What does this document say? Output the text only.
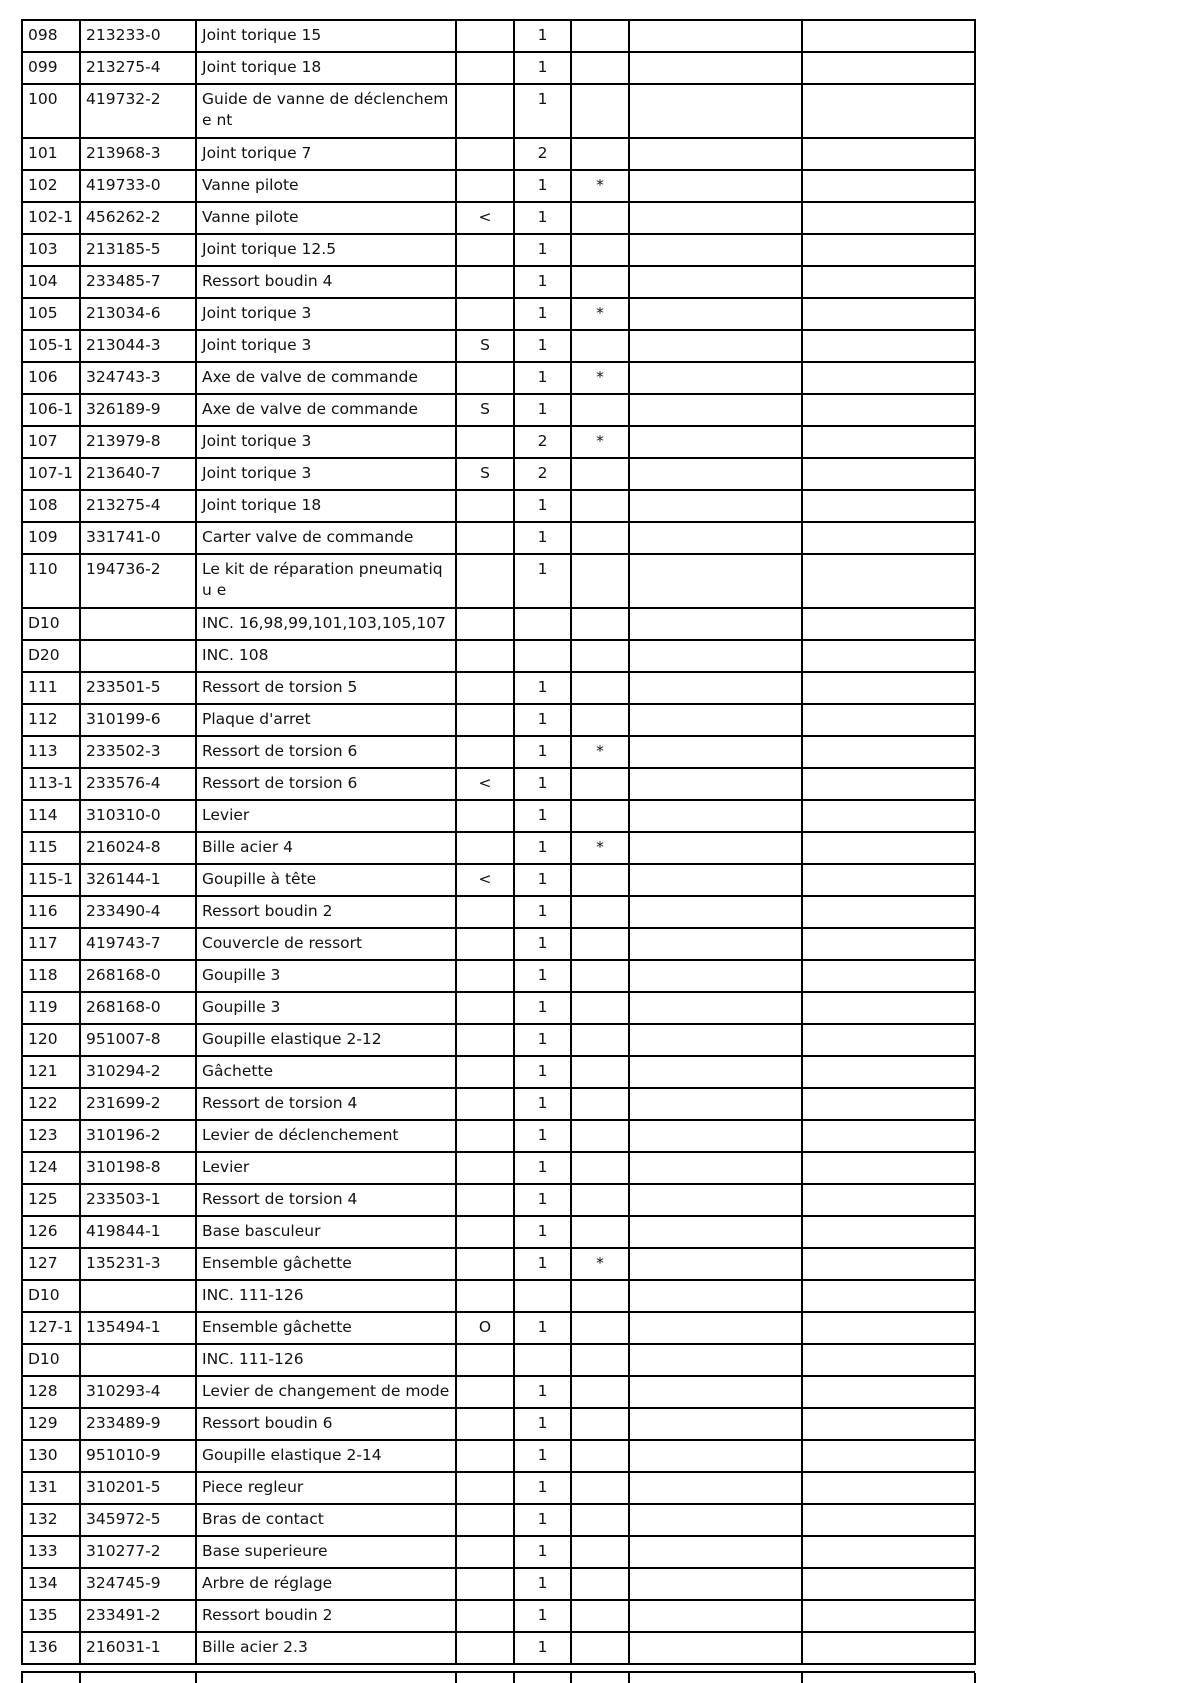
098	213233-0	Joint torique 15		1			
099	213275-4	Joint torique 18		1			
100	419732-2	Guide de vanne de déclencheme nt		1			
101	213968-3	Joint torique 7		2			
102	419733-0	Vanne pilote		1	*		
102-1	456262-2	Vanne pilote	<	1			
103	213185-5	Joint torique 12.5		1			
104	233485-7	Ressort boudin 4		1			
105	213034-6	Joint torique 3		1	*		
105-1	213044-3	Joint torique 3	S	1			
106	324743-3	Axe de valve de commande		1	*		
106-1	326189-9	Axe de valve de commande	S	1			
107	213979-8	Joint torique 3		2	*		
107-1	213640-7	Joint torique 3	S	2			
108	213275-4	Joint torique 18		1			
109	331741-0	Carter valve de commande		1			
110	194736-2	Le kit de réparation pneumatiqu e		1			
D10		INC. 16,98,99,101,103,105,107					
D20		INC. 108					
111	233501-5	Ressort de torsion 5		1			
112	310199-6	Plaque d'arret		1			
113	233502-3	Ressort de torsion 6		1	*		
113-1	233576-4	Ressort de torsion 6	<	1			
114	310310-0	Levier		1			
115	216024-8	Bille acier 4		1	*		
115-1	326144-1	Goupille à tête	<	1			
116	233490-4	Ressort boudin 2		1			
117	419743-7	Couvercle de ressort		1			
118	268168-0	Goupille 3		1			
119	268168-0	Goupille 3		1			
120	951007-8	Goupille elastique 2-12		1			
121	310294-2	Gâchette		1			
122	231699-2	Ressort de torsion 4		1			
123	310196-2	Levier de déclenchement		1			
124	310198-8	Levier		1			
125	233503-1	Ressort de torsion 4		1			
126	419844-1	Base basculeur		1			
127	135231-3	Ensemble gâchette		1	*		
D10		INC. 111-126					
127-1	135494-1	Ensemble gâchette	O	1			
D10		INC. 111-126					
128	310293-4	Levier de changement de mode		1			
129	233489-9	Ressort boudin 6		1			
130	951010-9	Goupille elastique 2-14		1			
131	310201-5	Piece regleur		1			
132	345972-5	Bras de contact		1			
133	310277-2	Base superieure		1			
134	324745-9	Arbre de réglage		1			
135	233491-2	Ressort boudin 2		1			
136	216031-1	Bille acier 2.3		1			
